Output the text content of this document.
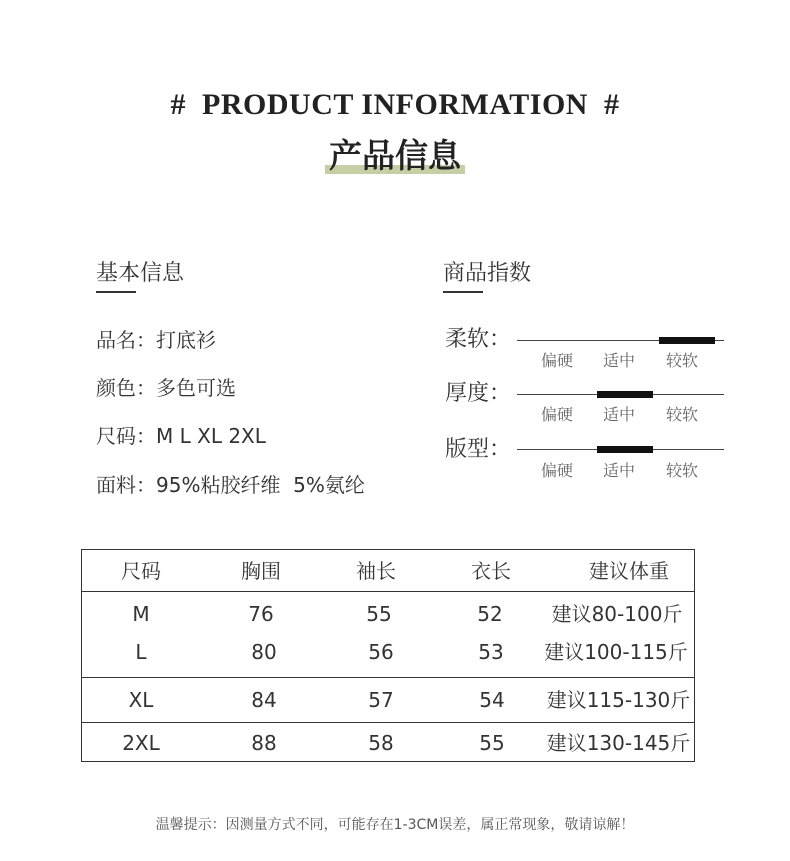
#  PRODUCT INFORMATION  #
产品信息
基本信息
品名：打底衫
颜色：多色可选
尺码：M L XL 2XL
面料：95%粘胶纤维  5%氨纶
商品指数
柔软：
偏硬	适中	较软
厚度：
偏硬	适中	较软
版型：
偏硬	适中	较软
尺码	胸围	袖长	衣长	建议体重
M	76	55	52	建议80-100斤
L	80	56	53	建议100-115斤
XL	84	57	54	建议115-130斤
2XL	88	58	55	建议130-145斤
温馨提示：因测量方式不同，可能存在1-3CM误差，属正常现象，敬请谅解！
